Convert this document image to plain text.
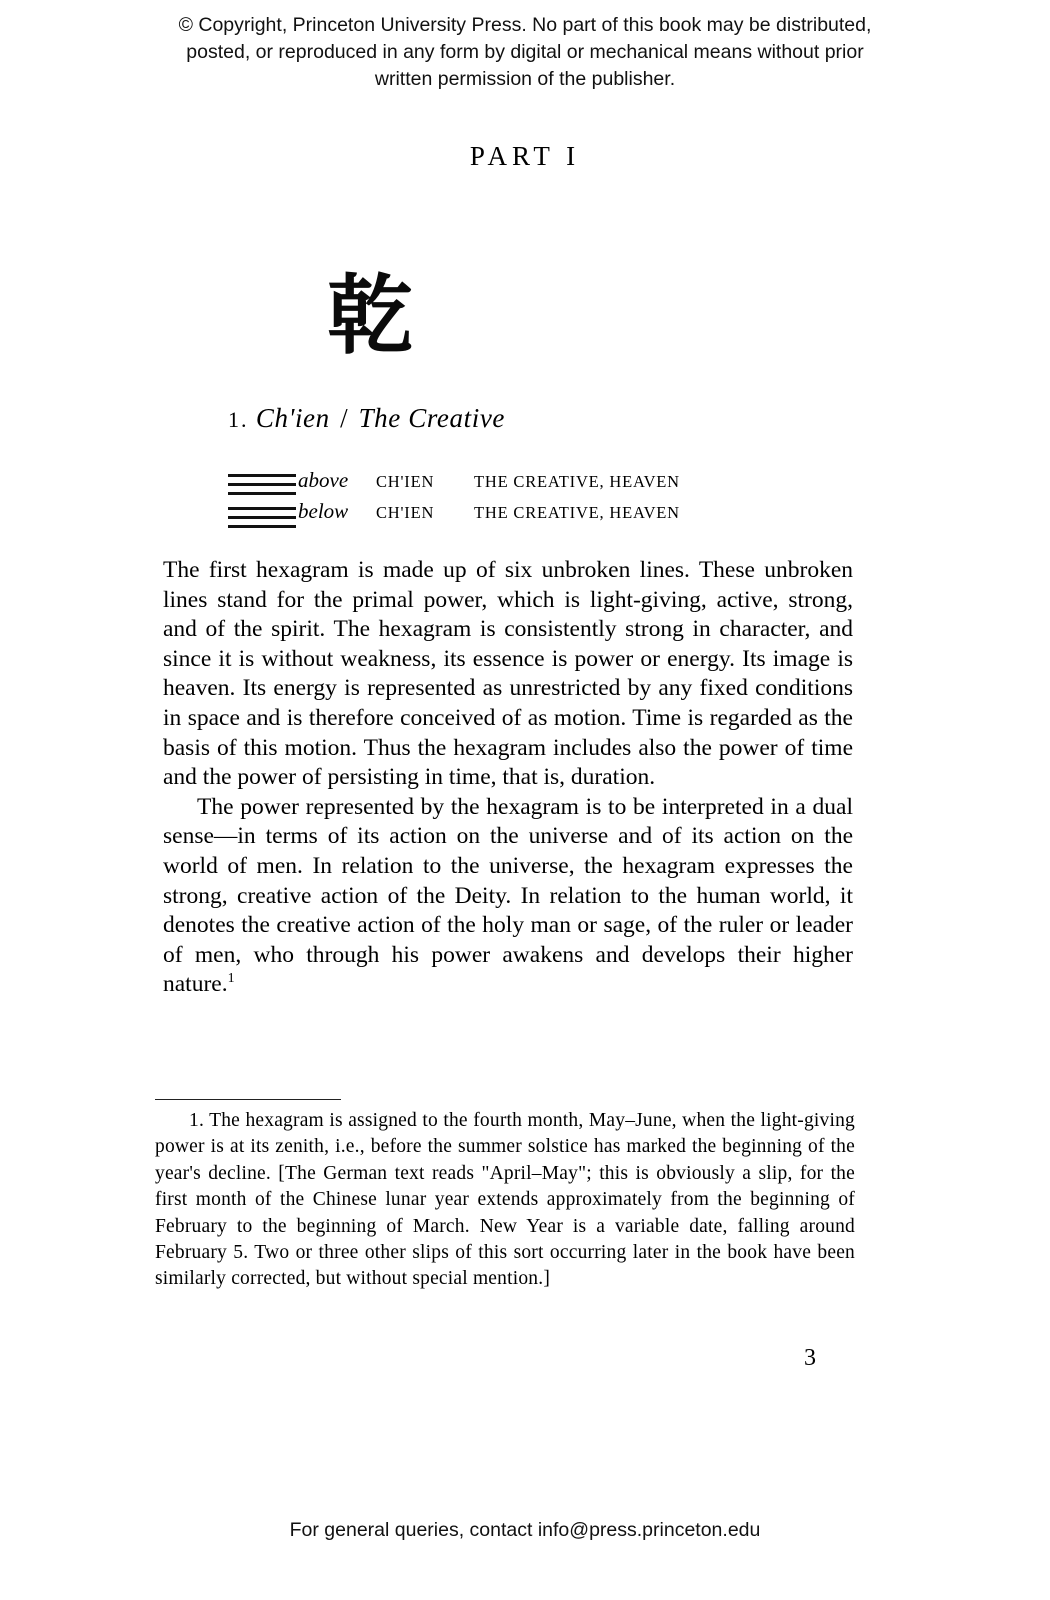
© Copyright, Princeton University Press. No part of this book may be distributed, posted, or reproduced in any form by digital or mechanical means without prior written permission of the publisher.
PART I
乾
1. Ch'ien / The Creative
above	CH'IEN	THE CREATIVE, HEAVEN
below	CH'IEN	THE CREATIVE, HEAVEN

The first hexagram is made up of six unbroken lines. These unbroken lines stand for the primal power, which is light-giving, active, strong, and of the spirit. The hexagram is consistently strong in character, and since it is without weakness, its essence is power or energy. Its image is heaven. Its energy is represented as unrestricted by any fixed conditions in space and is therefore conceived of as motion. Time is regarded as the basis of this motion. Thus the hexagram includes also the power of time and the power of persisting in time, that is, duration.

The power represented by the hexagram is to be interpreted in a dual sense—in terms of its action on the universe and of its action on the world of men. In relation to the universe, the hexagram expresses the strong, creative action of the Deity. In relation to the human world, it denotes the creative action of the holy man or sage, of the ruler or leader of men, who through his power awakens and develops their higher nature.$^1$

1. The hexagram is assigned to the fourth month, May–June, when the light-giving power is at its zenith, i.e., before the summer solstice has marked the beginning of the year's decline. [The German text reads "April–May"; this is obviously a slip, for the first month of the Chinese lunar year extends approximately from the beginning of February to the beginning of March. New Year is a variable date, falling around February 5. Two or three other slips of this sort occurring later in the book have been similarly corrected, but without special mention.]

3
For general queries, contact info@press.princeton.edu
